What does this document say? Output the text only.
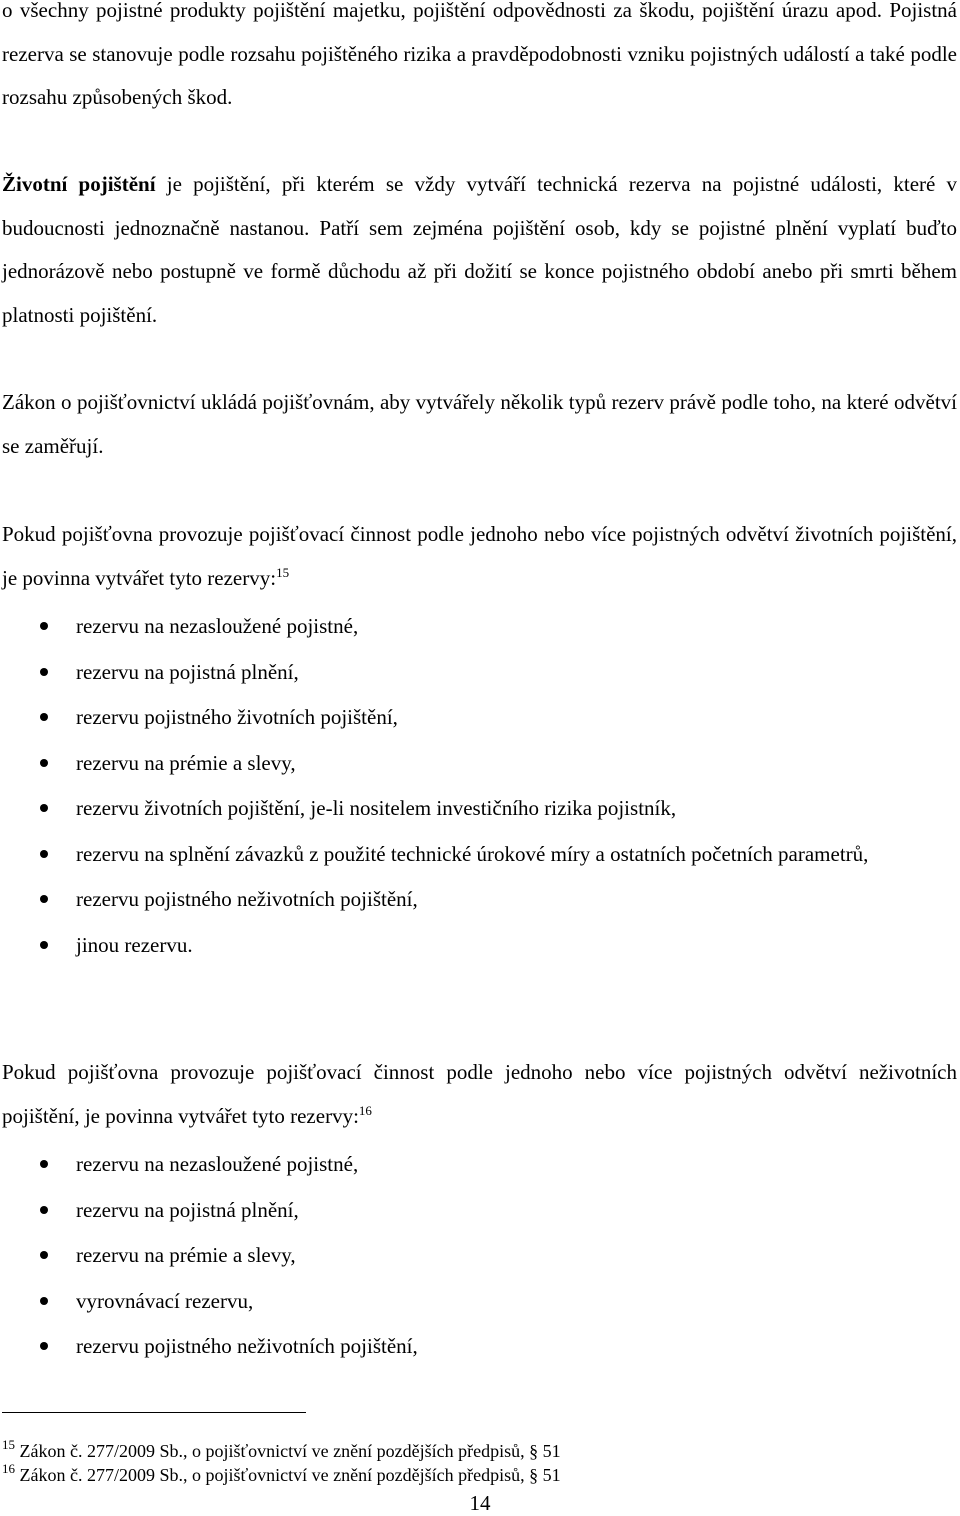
o všechny pojistné produkty pojištění majetku, pojištění odpovědnosti za škodu, pojištění úrazu apod. Pojistná rezerva se stanovuje podle rozsahu pojištěného rizika a pravděpodobnosti vzniku pojistných událostí a také podle rozsahu způsobených škod.

Životní pojištění je pojištění, při kterém se vždy vytváří technická rezerva na pojistné události, které v budoucnosti jednoznačně nastanou. Patří sem zejména pojištění osob, kdy se pojistné plnění vyplatí buďto jednorázově nebo postupně ve formě důchodu až při dožití se konce pojistného období anebo při smrti během platnosti pojištění.

Zákon o pojišťovnictví ukládá pojišťovnám, aby vytvářely několik typů rezerv právě podle toho, na které odvětví se zaměřují.

Pokud pojišťovna provozuje pojišťovací činnost podle jednoho nebo více pojistných odvětví životních pojištění, je povinna vytvářet tyto rezervy:$^{15}$

rezervu na nezasloužené pojistné,
rezervu na pojistná plnění,
rezervu pojistného životních pojištění,
rezervu na prémie a slevy,
rezervu životních pojištění, je-li nositelem investičního rizika pojistník,
rezervu na splnění závazků z použité technické úrokové míry a ostatních početních parametrů,
rezervu pojistného neživotních pojištění,
jinou rezervu.

Pokud pojišťovna provozuje pojišťovací činnost podle jednoho nebo více pojistných odvětví neživotních pojištění, je povinna vytvářet tyto rezervy:$^{16}$

rezervu na nezasloužené pojistné,
rezervu na pojistná plnění,
rezervu na prémie a slevy,
vyrovnávací rezervu,
rezervu pojistného neživotních pojištění,
$^{15}$ Zákon č. 277/2009 Sb., o pojišťovnictví ve znění pozdějších předpisů, § 51
$^{16}$ Zákon č. 277/2009 Sb., o pojišťovnictví ve znění pozdějších předpisů, § 51
14
